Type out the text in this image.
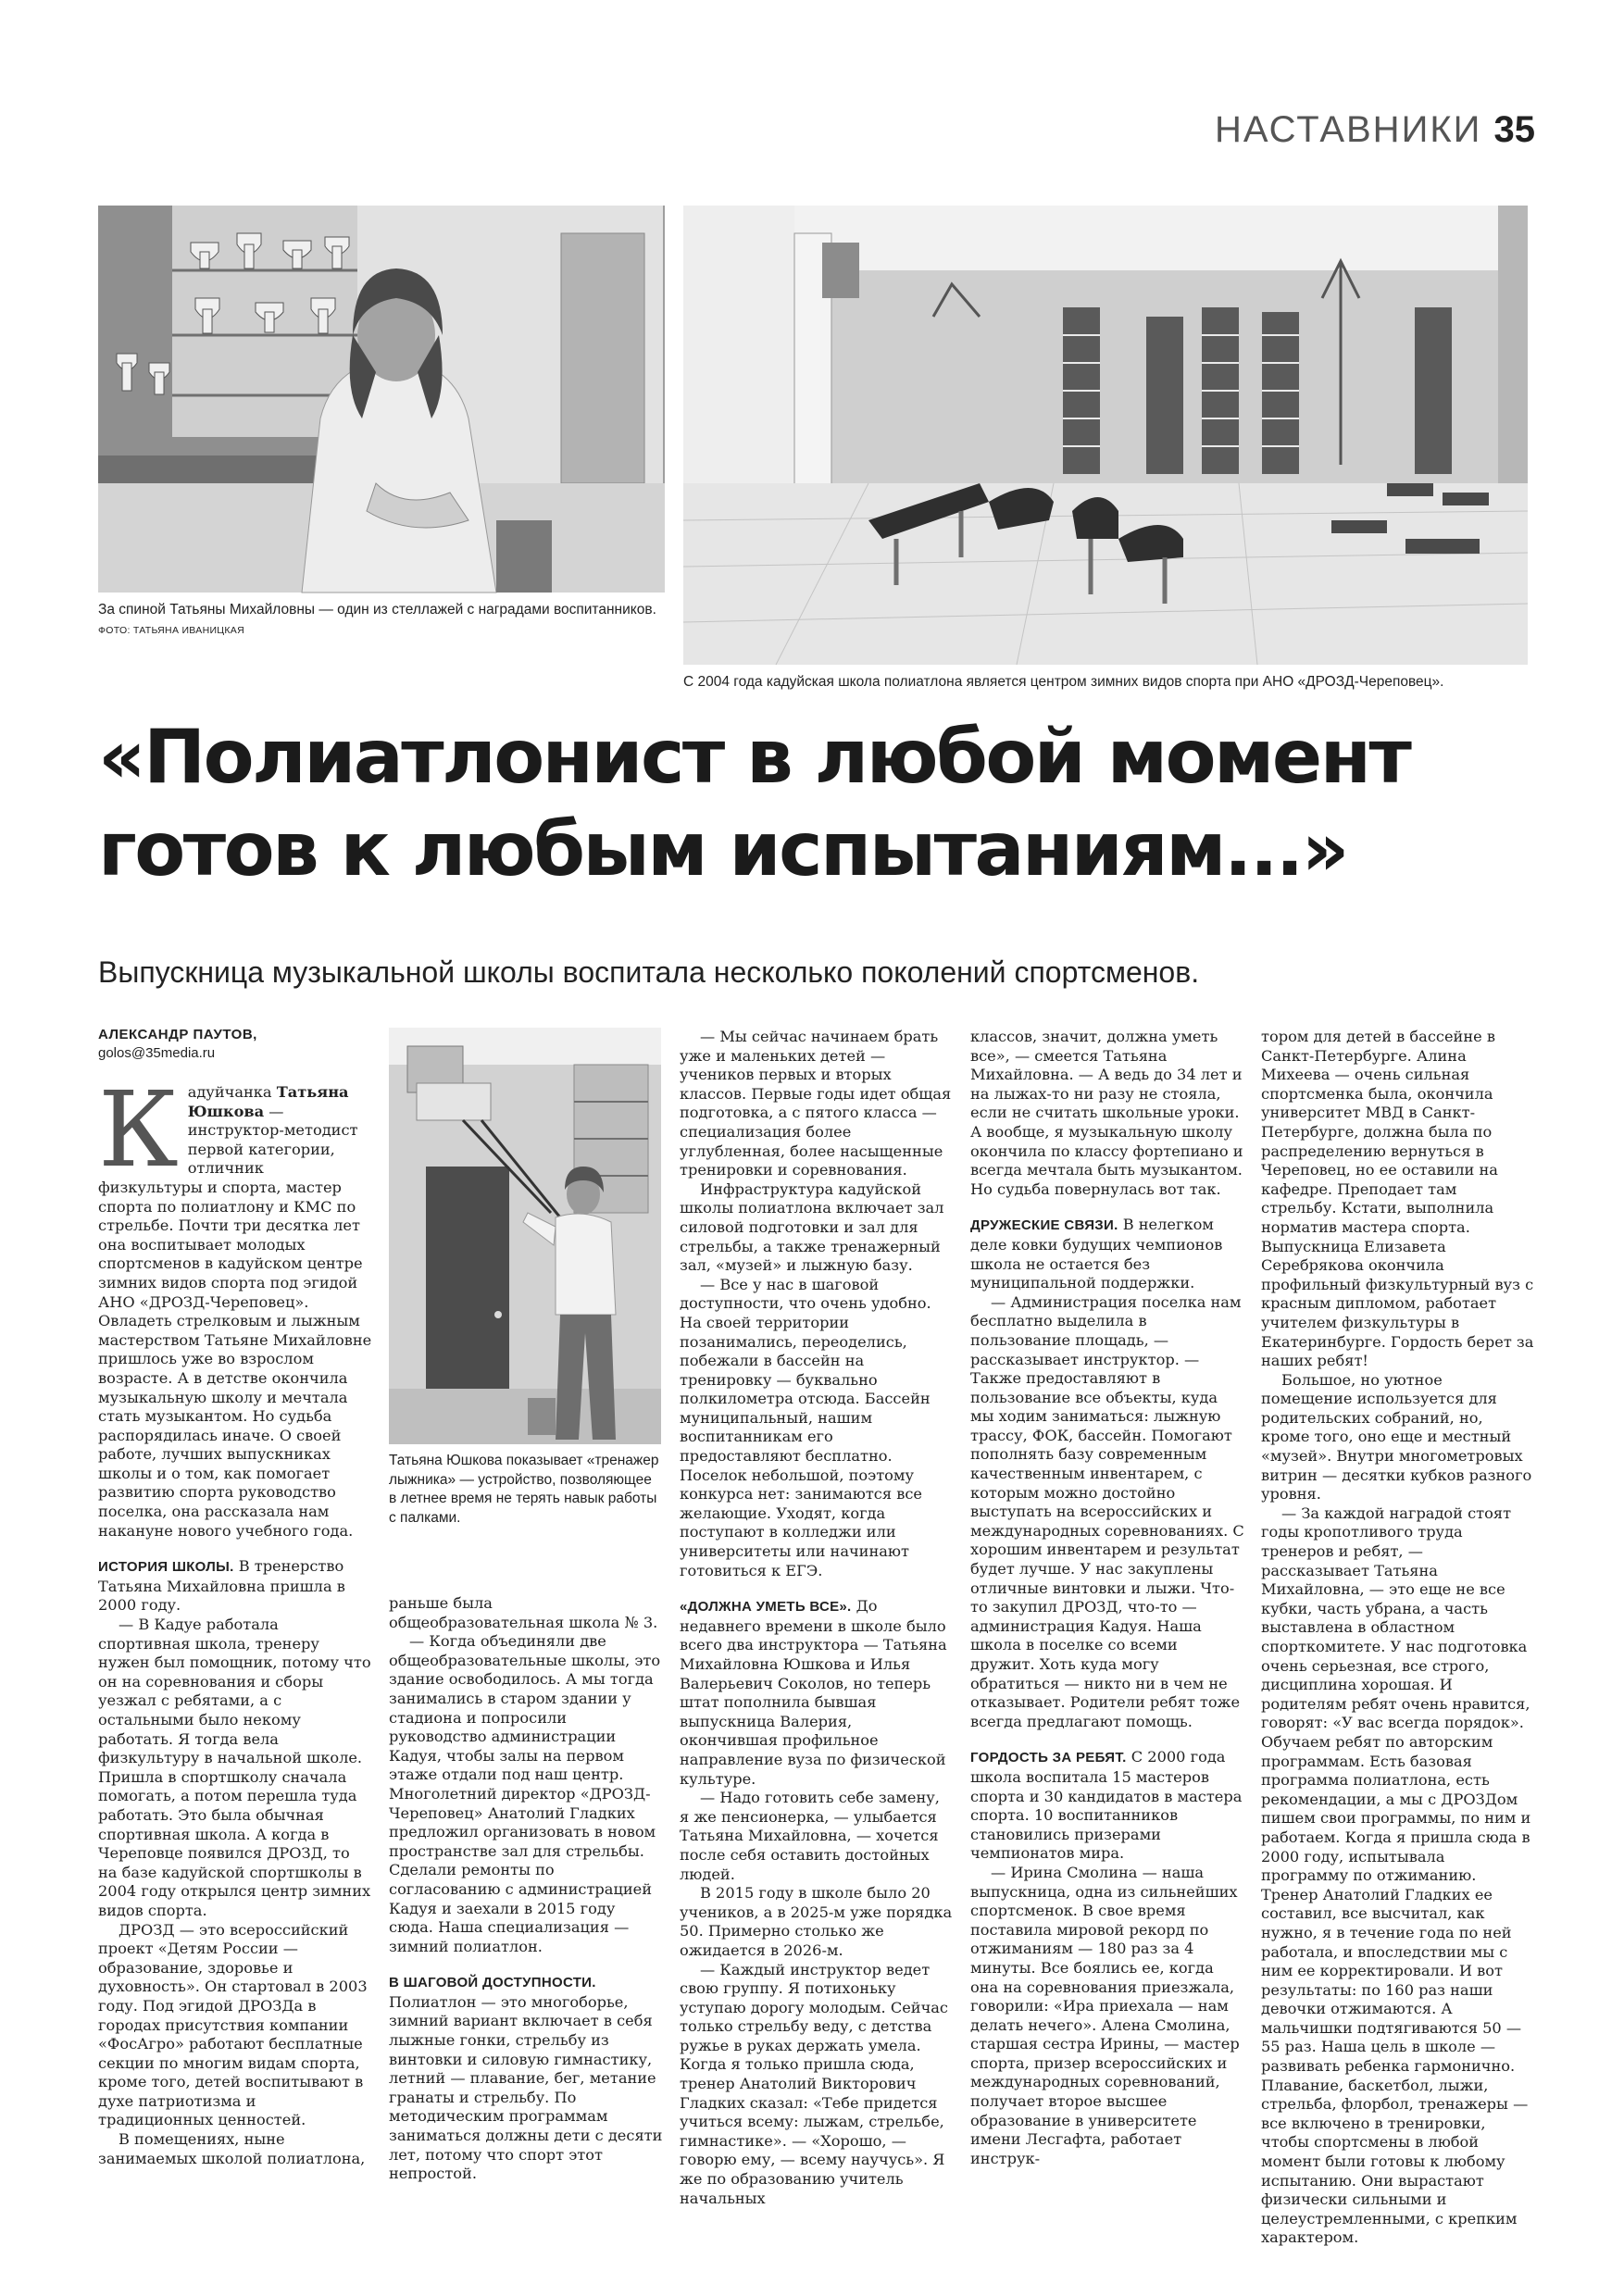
НАСТАВНИКИ 35
За спиной Татьяны Михайловны — один из стеллажей с наградами воспитанников. ФОТО: ТАТЬЯНА ИВАНИЦКАЯ
С 2004 года кадуйская школа полиатлона является центром зимних видов спорта при АНО «ДРОЗД-Череповец».
«Полиатлонист в любой момент готов к любым испытаниям...»

Выпускница музыкальной школы воспитала несколько поколений спортсменов.

АЛЕКСАНДР ПАУТОВ,
golos@35media.ru
Татьяна Юшкова показывает «тренажер лыжника» — устройство, позволяющее в летнее время не терять навык работы с палками.

Кадуйчанка Татьяна Юшкова — инструктор-методист первой категории, отличник физкультуры и спорта, мастер спорта по полиатлону и КМС по стрельбе. Почти три десятка лет она воспитывает молодых спортсменов в кадуйском центре зимних видов спорта под эгидой АНО «ДРОЗД-Череповец». Овладеть стрелковым и лыжным мастерством Татьяне Михайловне пришлось уже во взрослом возрасте. А в детстве окончила музыкальную школу и мечтала стать музыкантом. Но судьба распорядилась иначе. О своей работе, лучших выпускниках школы и о том, как помогает развитию спорта руководство поселка, она рассказала нам накануне нового учебного года.

ИСТОРИЯ ШКОЛЫ. В тренерство Татьяна Михайловна пришла в 2000 году.

— В Кадуе работала спортивная школа, тренеру нужен был помощник, потому что он на соревнования и сборы уезжал с ребятами, а с остальными было некому работать. Я тогда вела физкультуру в начальной школе. Пришла в спортшколу сначала помогать, а потом перешла туда работать. Это была обычная спортивная школа. А когда в Череповце появился ДРОЗД, то на базе кадуйской спортшколы в 2004 году открылся центр зимних видов спорта.

ДРОЗД — это всероссийский проект «Детям России — образование, здоровье и духовность». Он стартовал в 2003 году. Под эгидой ДРОЗДа в городах присутствия компании «ФосАгро» работают бесплатные секции по многим видам спорта, кроме того, детей воспитывают в духе патриотизма и традиционных ценностей.

В помещениях, ныне занимаемых школой полиатлона,

раньше была общеобразовательная школа № 3.

— Когда объединяли две общеобразовательные школы, это здание освободилось. А мы тогда занимались в старом здании у стадиона и попросили руководство администрации Кадуя, чтобы залы на первом этаже отдали под наш центр. Многолетний директор «ДРОЗД-Череповец» Анатолий Гладких предложил организовать в новом пространстве зал для стрельбы. Сделали ремонты по согласованию с администрацией Кадуя и заехали в 2015 году сюда. Наша специализация — зимний полиатлон.

В ШАГОВОЙ ДОСТУПНОСТИ. Полиатлон — это многоборье, зимний вариант включает в себя лыжные гонки, стрельбу из винтовки и силовую гимнастику, летний — плавание, бег, метание гранаты и стрельбу. По методическим программам заниматься должны дети с десяти лет, потому что спорт этот непростой.

— Мы сейчас начинаем брать уже и маленьких детей — учеников первых и вторых классов. Первые годы идет общая подготовка, а с пятого класса — специализация более углубленная, более насыщенные тренировки и соревнования.

Инфраструктура кадуйской школы полиатлона включает зал силовой подготовки и зал для стрельбы, а также тренажерный зал, «музей» и лыжную базу.

— Все у нас в шаговой доступности, что очень удобно. На своей территории позанимались, переоделись, побежали в бассейн на тренировку — буквально полкилометра отсюда. Бассейн муниципальный, нашим воспитанникам его предоставляют бесплатно. Поселок небольшой, поэтому конкурса нет: занимаются все желающие. Уходят, когда поступают в колледжи или университеты или начинают готовиться к ЕГЭ.

«ДОЛЖНА УМЕТЬ ВСЕ». До недавнего времени в школе было всего два инструктора — Татьяна Михайловна Юшкова и Илья Валерьевич Соколов, но теперь штат пополнила бывшая выпускница Валерия, окончившая профильное направление вуза по физической культуре.

— Надо готовить себе замену, я же пенсионерка, — улыбается Татьяна Михайловна, — хочется после себя оставить достойных людей.

В 2015 году в школе было 20 учеников, а в 2025-м уже порядка 50. Примерно столько же ожидается в 2026-м.

— Каждый инструктор ведет свою группу. Я потихоньку уступаю дорогу молодым. Сейчас только стрельбу веду, с детства ружье в руках держать умела. Когда я только пришла сюда, тренер Анатолий Викторович Гладких сказал: «Тебе придется учиться всему: лыжам, стрельбе, гимнастике». — «Хорошо, — говорю ему, — всему научусь». Я же по образованию учитель начальных

классов, значит, должна уметь все», — смеется Татьяна Михайловна. — А ведь до 34 лет и на лыжах-то ни разу не стояла, если не считать школьные уроки. А вообще, я музыкальную школу окончила по классу фортепиано и всегда мечтала быть музыкантом. Но судьба повернулась вот так.

ДРУЖЕСКИЕ СВЯЗИ. В нелегком деле ковки будущих чемпионов школа не остается без муниципальной поддержки.

— Администрация поселка нам бесплатно выделила в пользование площадь, — рассказывает инструктор. — Также предоставляют в пользование все объекты, куда мы ходим заниматься: лыжную трассу, ФОК, бассейн. Помогают пополнять базу современным качественным инвентарем, с которым можно достойно выступать на всероссийских и международных соревнованиях. С хорошим инвентарем и результат будет лучше. У нас закуплены отличные винтовки и лыжи. Что-то закупил ДРОЗД, что-то — администрация Кадуя. Наша школа в поселке со всеми дружит. Хоть куда могу обратиться — никто ни в чем не отказывает. Родители ребят тоже всегда предлагают помощь.

ГОРДОСТЬ ЗА РЕБЯТ. С 2000 года школа воспитала 15 мастеров спорта и 30 кандидатов в мастера спорта. 10 воспитанников становились призерами чемпионатов мира.

— Ирина Смолина — наша выпускница, одна из сильнейших спортсменок. В свое время поставила мировой рекорд по отжиманиям — 180 раз за 4 минуты. Все боялись ее, когда она на соревнования приезжала, говорили: «Ира приехала — нам делать нечего». Алена Смолина, старшая сестра Ирины, — мастер спорта, призер всероссийских и международных соревнований, получает второе высшее образование в университете имени Лесгафта, работает инструк-

тором для детей в бассейне в Санкт-Петербурге. Алина Михеева — очень сильная спортсменка была, окончила университет МВД в Санкт-Петербурге, должна была по распределению вернуться в Череповец, но ее оставили на кафедре. Преподает там стрельбу. Кстати, выполнила норматив мастера спорта. Выпускница Елизавета Серебрякова окончила профильный физкультурный вуз с красным дипломом, работает учителем физкультуры в Екатеринбурге. Гордость берет за наших ребят!

Большое, но уютное помещение используется для родительских собраний, но, кроме того, оно еще и местный «музей». Внутри многометровых витрин — десятки кубков разного уровня.

— За каждой наградой стоят годы кропотливого труда тренеров и ребят, — рассказывает Татьяна Михайловна, — это еще не все кубки, часть убрана, а часть выставлена в областном спорткомитете. У нас подготовка очень серьезная, все строго, дисциплина хорошая. И родителям ребят очень нравится, говорят: «У вас всегда порядок». Обучаем ребят по авторским программам. Есть базовая программа полиатлона, есть рекомендации, а мы с ДРОЗДом пишем свои программы, по ним и работаем. Когда я пришла сюда в 2000 году, испытывала программу по отжиманию. Тренер Анатолий Гладких ее составил, все высчитал, как нужно, я в течение года по ней работала, и впоследствии мы с ним ее корректировали. И вот результаты: по 160 раз наши девочки отжимаются. А мальчишки подтягиваются 50 — 55 раз. Наша цель в школе — развивать ребенка гармонично. Плавание, баскетбол, лыжи, стрельба, флорбол, тренажеры — все включено в тренировки, чтобы спортсмены в любой момент были готовы к любому испытанию. Они вырастают физически сильными и целеустремленными, с крепким характером.
